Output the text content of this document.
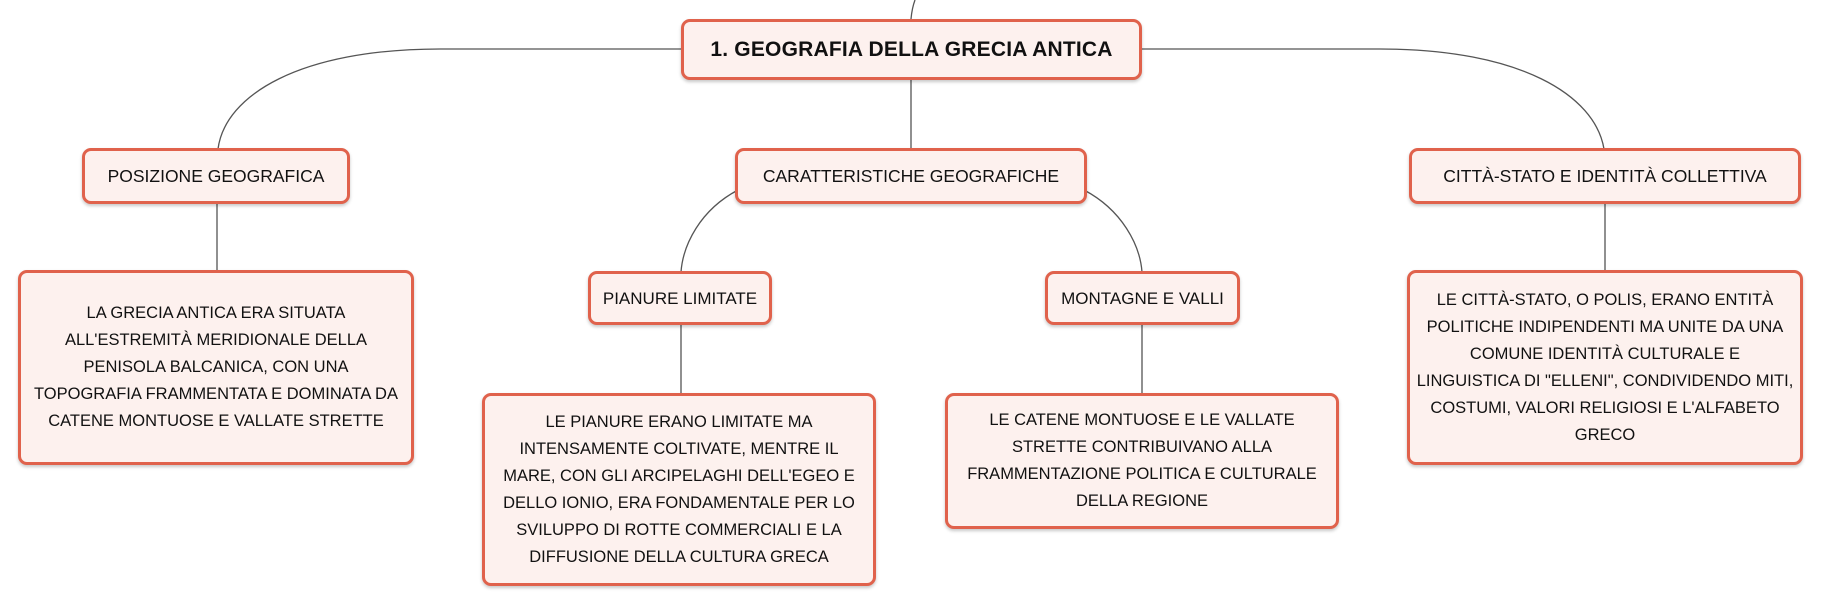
1. GEOGRAFIA DELLA GRECIA ANTICA
POSIZIONE GEOGRAFICA	CARATTERISTICHE GEOGRAFICHE	CITTÀ-STATO E IDENTITÀ COLLETTIVA
LA GRECIA ANTICA ERA SITUATA ALL'ESTREMITÀ MERIDIONALE DELLA PENISOLA BALCANICA, CON UNA TOPOGRAFIA FRAMMENTATA E DOMINATA DA CATENE MONTUOSE E VALLATE STRETTE
PIANURE LIMITATE	MONTAGNE E VALLI
LE PIANURE ERANO LIMITATE MA INTENSAMENTE COLTIVATE, MENTRE IL MARE, CON GLI ARCIPELAGHI DELL'EGEO E DELLO IONIO, ERA FONDAMENTALE PER LO SVILUPPO DI ROTTE COMMERCIALI E LA DIFFUSIONE DELLA CULTURA GRECA
LE CATENE MONTUOSE E LE VALLATE STRETTE CONTRIBUIVANO ALLA FRAMMENTAZIONE POLITICA E CULTURALE DELLA REGIONE
LE CITTÀ-STATO, O POLIS, ERANO ENTITÀ POLITICHE INDIPENDENTI MA UNITE DA UNA COMUNE IDENTITÀ CULTURALE E LINGUISTICA DI "ELLENI", CONDIVIDENDO MITI, COSTUMI, VALORI RELIGIOSI E L'ALFABETO GRECO
